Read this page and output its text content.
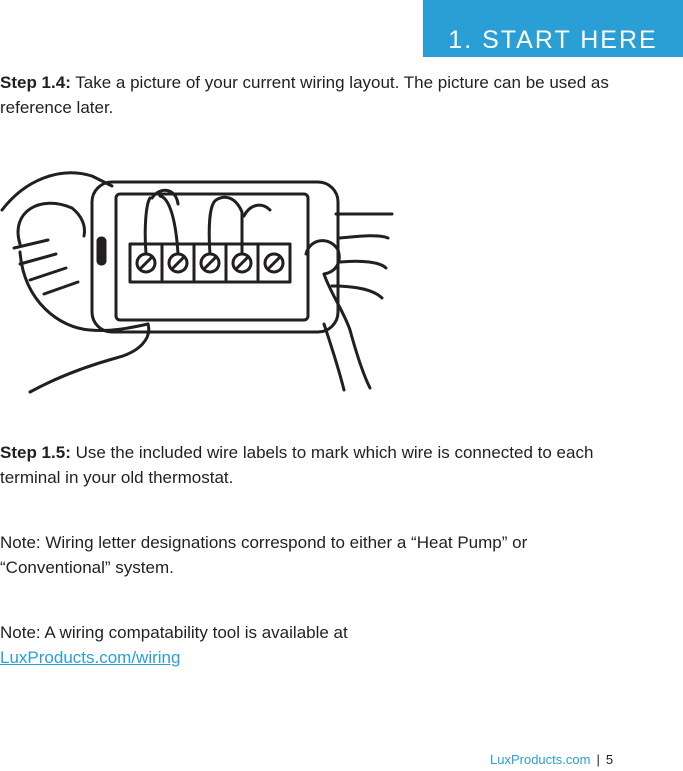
1. START HERE

Step 1.4: Take a picture of your current wiring layout. The picture can be used as reference later.

Step 1.5: Use the included wire labels to mark which wire is connected to each terminal in your old thermostat.

Note: Wiring letter designations correspond to either a “Heat Pump” or “Conventional” system.

Note: A wiring compatability tool is available at
LuxProducts.com/wiring

LuxProducts.com | 5
